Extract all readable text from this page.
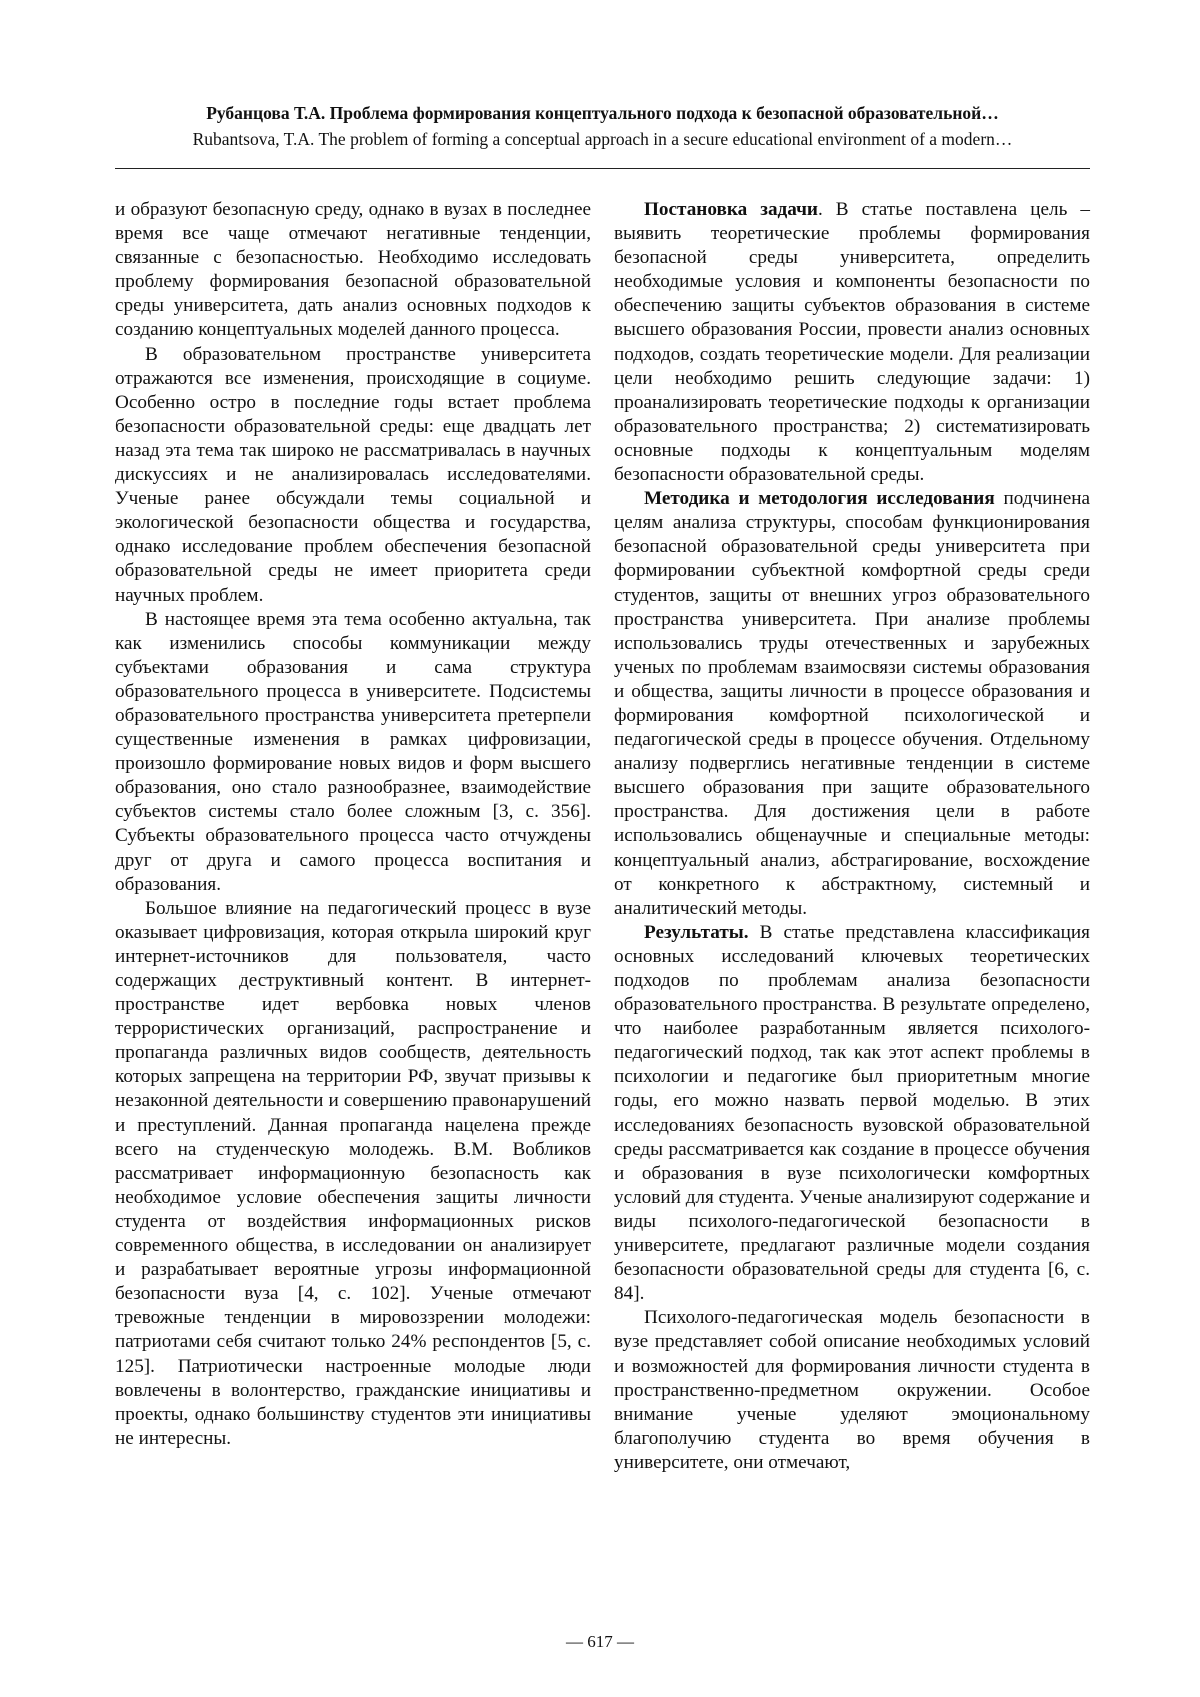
Рубанцова Т.А. Проблема формирования концептуального подхода к безопасной образовательной…
Rubantsova, T.A. The problem of forming a conceptual approach in a secure educational environment of a modern…

и образуют безопасную среду, однако в вузах в последнее время все чаще отмечают негативные тенденции, связанные с безопасностью. Необходимо исследовать проблему формирования безопасной образовательной среды университета, дать анализ основных подходов к созданию концептуальных моделей данного процесса.

В образовательном пространстве университета отражаются все изменения, происходящие в социуме. Особенно остро в последние годы встает проблема безопасности образовательной среды: еще двадцать лет назад эта тема так широко не рассматривалась в научных дискуссиях и не анализировалась исследователями. Ученые ранее обсуждали темы социальной и экологической безопасности общества и государства, однако исследование проблем обеспечения безопасной образовательной среды не имеет приоритета среди научных проблем.

В настоящее время эта тема особенно актуальна, так как изменились способы коммуникации между субъектами образования и сама структура образовательного процесса в университете. Подсистемы образовательного пространства университета претерпели существенные изменения в рамках цифровизации, произошло формирование новых видов и форм высшего образования, оно стало разнообразнее, взаимодействие субъектов системы стало более сложным [3, с. 356]. Субъекты образовательного процесса часто отчуждены друг от друга и самого процесса воспитания и образования.

Большое влияние на педагогический процесс в вузе оказывает цифровизация, которая открыла широкий круг интернет-источников для пользователя, часто содержащих деструктивный контент. В интернет-пространстве идет вербовка новых членов террористических организаций, распространение и пропаганда различных видов сообществ, деятельность которых запрещена на территории РФ, звучат призывы к незаконной деятельности и совершению правонарушений и преступлений. Данная пропаганда нацелена прежде всего на студенческую молодежь. В.М. Вобликов рассматривает информационную безопасность как необходимое условие обеспечения защиты личности студента от воздействия информационных рисков современного общества, в исследовании он анализирует и разрабатывает вероятные угрозы информационной безопасности вуза [4, с. 102]. Ученые отмечают тревожные тенденции в мировоззрении молодежи: патриотами себя считают только 24% респондентов [5, с. 125]. Патриотически настроенные молодые люди вовлечены в волонтерство, гражданские инициативы и проекты, однако большинству студентов эти инициативы не интересны.

Постановка задачи. В статье поставлена цель – выявить теоретические проблемы формирования безопасной среды университета, определить необходимые условия и компоненты безопасности по обеспечению защиты субъектов образования в системе высшего образования России, провести анализ основных подходов, создать теоретические модели. Для реализации цели необходимо решить следующие задачи: 1) проанализировать теоретические подходы к организации образовательного пространства; 2) систематизировать основные подходы к концептуальным моделям безопасности образовательной среды.

Методика и методология исследования подчинена целям анализа структуры, способам функционирования безопасной образовательной среды университета при формировании субъектной комфортной среды среди студентов, защиты от внешних угроз образовательного пространства университета. При анализе проблемы использовались труды отечественных и зарубежных ученых по проблемам взаимосвязи системы образования и общества, защиты личности в процессе образования и формирования комфортной психологической и педагогической среды в процессе обучения. Отдельному анализу подверглись негативные тенденции в системе высшего образования при защите образовательного пространства. Для достижения цели в работе использовались общенаучные и специальные методы: концептуальный анализ, абстрагирование, восхождение от конкретного к абстрактному, системный и аналитический методы.

Результаты. В статье представлена классификация основных исследований ключевых теоретических подходов по проблемам анализа безопасности образовательного пространства. В результате определено, что наиболее разработанным является психолого-педагогический подход, так как этот аспект проблемы в психологии и педагогике был приоритетным многие годы, его можно назвать первой моделью. В этих исследованиях безопасность вузовской образовательной среды рассматривается как создание в процессе обучения и образования в вузе психологически комфортных условий для студента. Ученые анализируют содержание и виды психолого-педагогической безопасности в университете, предлагают различные модели создания безопасности образовательной среды для студента [6, с. 84].

Психолого-педагогическая модель безопасности в вузе представляет собой описание необходимых условий и возможностей для формирования личности студента в пространственно-предметном окружении. Особое внимание ученые уделяют эмоциональному благополучию студента во время обучения в университете, они отмечают,

— 617 —
